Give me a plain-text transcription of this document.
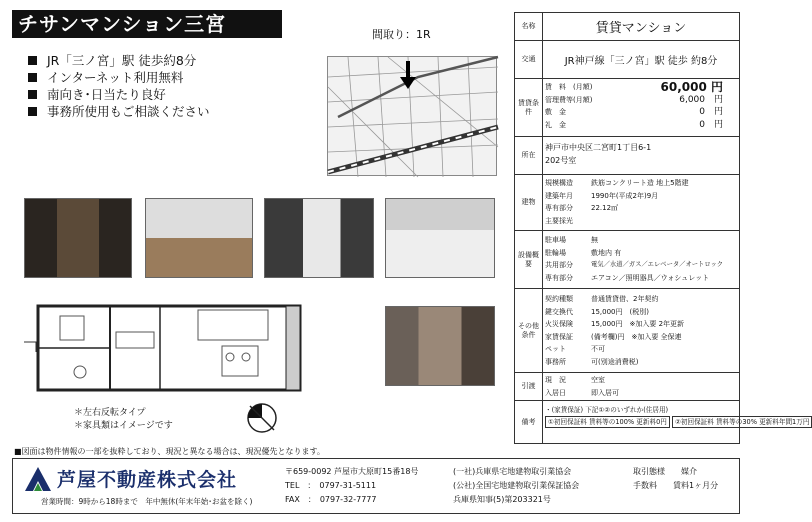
チサンマンション三宮	間取り：1R
JR「三ノ宮」駅 徒歩約8分
インターネット利用無料
南向き･日当たり良好
事務所使用もご相談ください
＊左右反転タイプ
＊家具類はイメージです
名称	賃貸マンション
交通	JR神戸線「三ノ宮」駅 徒歩 約8分
賃貸条件
賃　料	(月額)	60,000 円
管理費等 (月額)	6,000　円
敷　金	0　円
礼　金	0　円
所在
神戸市中央区二宮町1丁目6-1
202号室
建物
規模構造	鉄筋コンクリート造 地上5階建
建築年月	1990年(平成2年)9月
専有部分	22.12㎡
主要採光
設備概要
駐車場	無
駐輪場	敷地内 有
共用部分	電気／水道／ガス／エレベータ／オートロック
専有部分	エアコン／照明器具／ウォシュレット
その他条件
契約種類	普通賃貸借、2年契約
鍵交換代	15,000円　(税別)
火災保険	15,000円　※加入要 2年更新
家賃保証	(備考欄)円　※加入要 全保連
ペット	不可
事務所	可(別途消費税)
引渡
現　況	空室
入居日	即入居可
備考
・(家賃保証) 下記①②のいずれか(住居用)
①初回保証料 賃料等の100% 更新料0円 ②初回保証料 賃料等の30% 更新料年間1万円
■図面は物件情報の一部を抜粋しており、現況と異なる場合は、現況優先となります。
芦屋不動産株式会社
営業時間：9時から18時まで　年中無休(年末年始･お盆を除く)
〒659-0092 芦屋市大原町15番18号
TEL　：　0797-31-5111
FAX　：　0797-32-7777
(一社)兵庫県宅地建物取引業協会
(公社)全国宅地建物取引業保証協会
兵庫県知事(5)第203321号
取引態様　　 媒介
手数料　　 賃料1ヶ月分
